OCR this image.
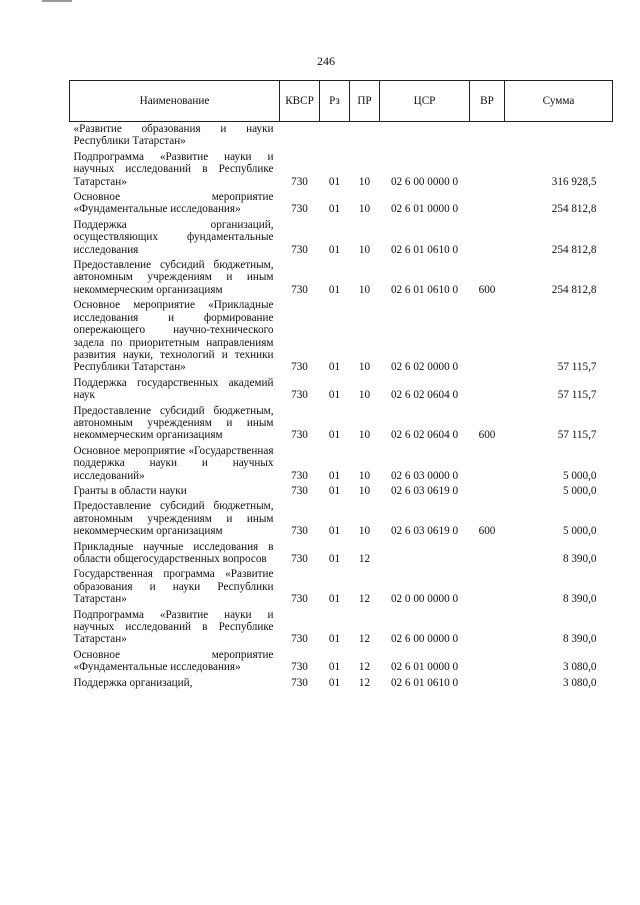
246
Наименование	КВСР	Рз	ПР	ЦСР	ВР	Сумма
«Развитие образования и науки Республики Татарстан»						
Подпрограмма «Развитие науки и научных исследований в Республике Татарстан»	730	01	10	02 6 00 0000 0		316 928,5
Основное мероприятие «Фундаментальные исследования»	730	01	10	02 6 01 0000 0		254 812,8
Поддержка организаций, осуществляющих фундаментальные исследования	730	01	10	02 6 01 0610 0		254 812,8
Предоставление субсидий бюджетным, автономным учреждениям и иным некоммерческим организациям	730	01	10	02 6 01 0610 0	600	254 812,8
Основное мероприятие «Прикладные исследования и формирование опережающего научно-технического задела по приоритетным направлениям развития науки, технологий и техники Республики Татарстан»	730	01	10	02 6 02 0000 0		57 115,7
Поддержка государственных академий наук	730	01	10	02 6 02 0604 0		57 115,7
Предоставление субсидий бюджетным, автономным учреждениям и иным некоммерческим организациям	730	01	10	02 6 02 0604 0	600	57 115,7
Основное мероприятие «Государственная поддержка науки и научных исследований»	730	01	10	02 6 03 0000 0		5 000,0
Гранты в области науки	730	01	10	02 6 03 0619 0		5 000,0
Предоставление субсидий бюджетным, автономным учреждениям и иным некоммерческим организациям	730	01	10	02 6 03 0619 0	600	5 000,0
Прикладные научные исследования в области общегосударственных вопросов	730	01	12			8 390,0
Государственная программа «Развитие образования и науки Республики Татарстан»	730	01	12	02 0 00 0000 0		8 390,0
Подпрограмма «Развитие науки и научных исследований в Республике Татарстан»	730	01	12	02 6 00 0000 0		8 390,0
Основное мероприятие «Фундаментальные исследования»	730	01	12	02 6 01 0000 0		3 080,0
Поддержка организаций,	730	01	12	02 6 01 0610 0		3 080,0
